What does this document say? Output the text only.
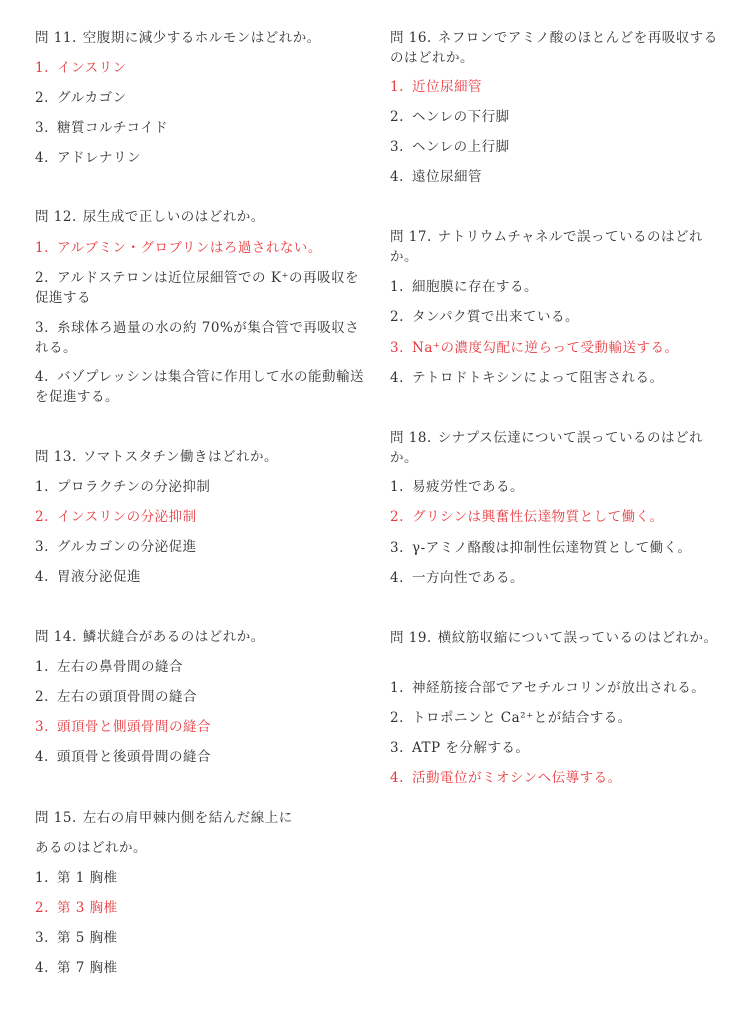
問 11. 空腹期に減少するホルモンはどれか。

1. インスリン
2. グルカゴン
3. 糖質コルチコイド
4. アドレナリン

問 12. 尿生成で正しいのはどれか。

1. アルブミン・グロブリンはろ過されない。
2. アルドステロンは近位尿細管での K⁺の再吸収を促進する
3. 糸球体ろ過量の水の約 70%が集合管で再吸収される。
4. バゾプレッシンは集合管に作用して水の能動輸送を促進する。

問 13. ソマトスタチン働きはどれか。

1. プロラクチンの分泌抑制
2. インスリンの分泌抑制
3. グルカゴンの分泌促進
4. 胃液分泌促進

問 14. 鱗状縫合があるのはどれか。

1. 左右の鼻骨間の縫合
2. 左右の頭頂骨間の縫合
3. 頭頂骨と側頭骨間の縫合
4. 頭頂骨と後頭骨間の縫合

問 15. 左右の肩甲棘内側を結んだ線上に

あるのはどれか。

1. 第 1 胸椎
2. 第 3 胸椎
3. 第 5 胸椎
4. 第 7 胸椎

問 16. ネフロンでアミノ酸のほとんどを再吸収するのはどれか。

1. 近位尿細管
2. ヘンレの下行脚
3. ヘンレの上行脚
4. 遠位尿細管

問 17. ナトリウムチャネルで誤っているのはどれか。

1. 細胞膜に存在する。
2. タンパク質で出来ている。
3. Na⁺の濃度勾配に逆らって受動輸送する。
4. テトロドトキシンによって阻害される。

問 18. シナプス伝達について誤っているのはどれか。

1. 易疲労性である。
2. グリシンは興奮性伝達物質として働く。
3. γ-アミノ酪酸は抑制性伝達物質として働く。
4. 一方向性である。

問 19. 横紋筋収縮について誤っているのはどれか。

1. 神経筋接合部でアセチルコリンが放出される。
2. トロポニンと Ca²⁺とが結合する。
3. ATP を分解する。
4. 活動電位がミオシンへ伝導する。
